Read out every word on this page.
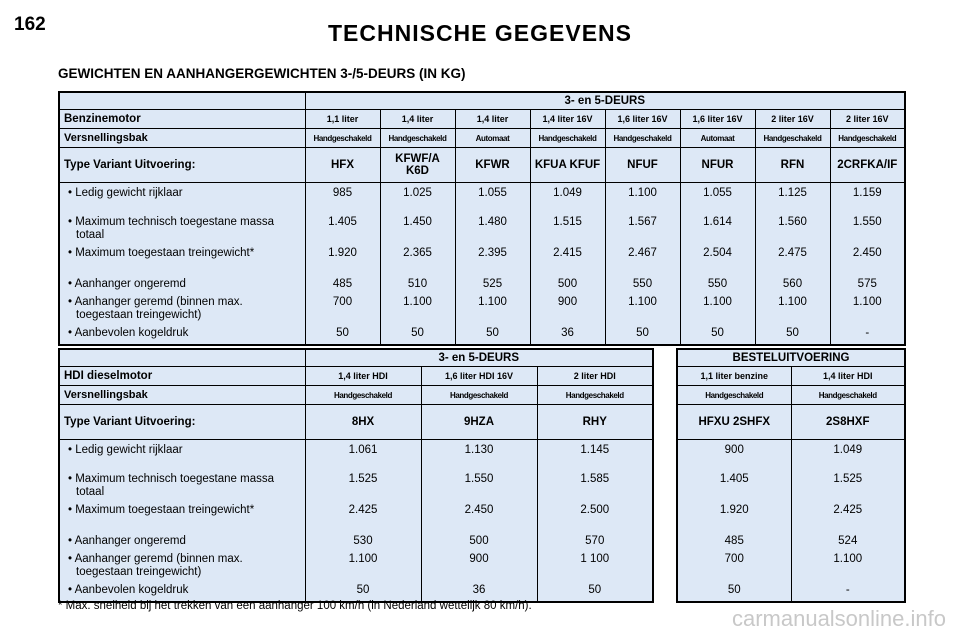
162	TECHNISCHE GEGEVENS
GEWICHTEN EN AANHANGERGEWICHTEN 3-/5-DEURS (IN KG)
	3- en 5-DEURS							
Benzinemotor	1,1 liter	1,4 liter	1,4 liter	1,4 liter 16V	1,6 liter 16V	1,6 liter 16V	2 liter 16V	2 liter 16V
Versnellingsbak	Handgeschakeld	Handgeschakeld	Automaat	Handgeschakeld	Handgeschakeld	Automaat	Handgeschakeld	Handgeschakeld
Type Variant Uitvoering:	HFX	KFWF/A K6D	KFWR	KFUA KFUF	NFUF	NFUR	RFN	2CRFKA/IF

• Ledig gewicht rijklaar	985	1.025	1.055	1.049	1.100	1.055	1.125	1.159

• Maximum technisch toegestane massa totaal	1.405	1.450	1.480	1.515	1.567	1.614	1.560	1.550

• Maximum toegestaan treingewicht*	1.920	2.365	2.395	2.415	2.467	2.504	2.475	2.450

• Aanhanger ongeremd	485	510	525	500	550	550	560	575

• Aanhanger geremd (binnen max. toegestaan treingewicht)	700	1.100	1.100	900	1.100	1.100	1.100	1.100

• Aanbevolen kogeldruk	50	50	50	36	50	50	50	-
	3- en 5-DEURS		
HDI dieselmotor	1,4 liter HDI	1,6 liter HDI 16V	2 liter HDI
Versnellingsbak	Handgeschakeld	Handgeschakeld	Handgeschakeld
Type Variant Uitvoering:	8HX	9HZA	RHY

• Ledig gewicht rijklaar	1.061	1.130	1.145

• Maximum technisch toegestane massa totaal	1.525	1.550	1.585

• Maximum toegestaan treingewicht*	2.425	2.450	2.500

• Aanhanger ongeremd	530	500	570

• Aanhanger geremd (binnen max. toegestaan treingewicht)	1.100	900	1 100

• Aanbevolen kogeldruk	50	36	50
BESTELUITVOERING	
1,1 liter benzine	1,4 liter HDI
Handgeschakeld	Handgeschakeld
HFXU 2SHFX	2S8HXF
900	1.049
1.405	1.525
1.920	2.425
485	524
700	1.100
50	-
* Max. snelheid bij het trekken van een aanhanger 100 km/h (in Nederland wettelijk 80 km/h).	carmanualsonline.info
